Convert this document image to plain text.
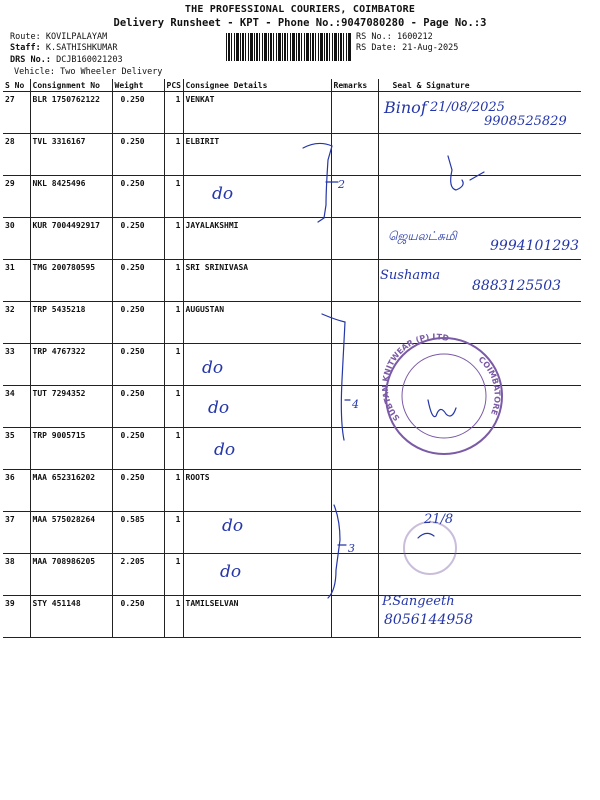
THE PROFESSIONAL COURIERS, COIMBATORE
Delivery Runsheet - KPT - Phone No.:9047080280 - Page No.:3
Route: KOVILPALAYAM
Staff: K.SATHISHKUMAR
DRS No.: DCJB160021203
Vehicle: Two Wheeler Delivery
RS No.: 1600212
RS Date: 21-Aug-2025
S No	Consignment No	Weight	PCS	Consignee Details	Remarks	Seal & Signature
27	BLR 1750762122	0.250	1	VENKAT		
28	TVL 3316167	0.250	1	ELBIRIT		
29	NKL 8425496	0.250	1			
30	KUR 7004492917	0.250	1	JAYALAKSHMI		
31	TMG 200780595	0.250	1	SRI SRINIVASA		
32	TRP 5435218	0.250	1	AUGUSTAN		
33	TRP 4767322	0.250	1			
34	TUT 7294352	0.250	1			
35	TRP 9005715	0.250	1			
36	MAA 652316202	0.250	1	ROOTS		
37	MAA 575028264	0.585	1			
38	MAA 708986205	2.205	1			
39	STY 451148	0.250	1	TAMILSELVAN		
SUBTAN KNITWEAR (P) LTD
COIMBATORE
Binof 21/08/2025
9908525829
2
ஜெயலட்சுமி
9994101293
Sushama
8883125503
4
21/8
3
P.Sangeeth
8056144958
do
do
do
do
do
do
